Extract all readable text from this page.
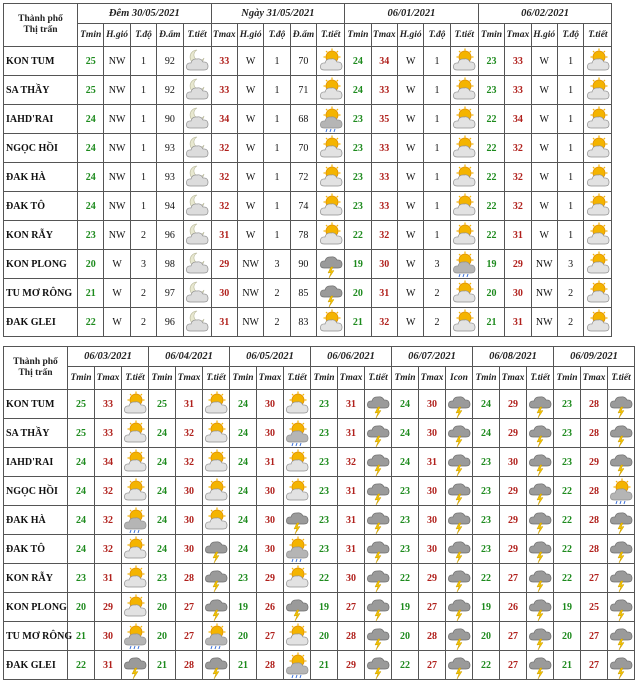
Thành phố
Thị trấn	Đêm 30/05/2021					Ngày 31/05/2021					06/01/2021					06/02/2021				
	Tmin	H.gió	T.độ	Đ.ẩm	T.tiết	Tmax	H.gió	T.độ	Đ.ẩm	T.tiết	Tmin	Tmax	H.gió	T.độ	T.tiết	Tmin	Tmax	H.gió	T.độ	T.tiết
KON TUM	25	NW	1	92		33	W	1	70		24	34	W	1		23	33	W	1	

SA THẦY	25	NW	1	92		33	W	1	71		24	33	W	1		23	33	W	1	

IAHD'RAI	24	NW	1	90		34	W	1	68		23	35	W	1		22	34	W	1	

NGỌC HỒI	24	NW	1	93		32	W	1	70		23	33	W	1		22	32	W	1	

ĐAK HÀ	24	NW	1	93		32	W	1	72		23	33	W	1		22	32	W	1	

ĐAK TÔ	24	NW	1	94		32	W	1	74		23	33	W	1		22	32	W	1	

KON RẪY	23	NW	2	96		31	W	1	78		22	32	W	1		22	31	W	1	

KON PLONG	20	W	3	98		29	NW	3	90		19	30	W	3		19	29	NW	3	

TU MƠ RÔNG	21	W	2	97		30	NW	2	85		20	31	W	2		20	30	NW	2	

ĐAK GLEI	22	W	2	96		31	NW	2	83		21	32	W	2		21	31	NW	2	
Thành phố
Thị trấn	06/03/2021			06/04/2021			06/05/2021			06/06/2021			06/07/2021			06/08/2021			06/09/2021		
	Tmin	Tmax	T.tiết	Tmin	Tmax	T.tiết	Tmin	Tmax	T.tiết	Tmin	Tmax	T.tiết	Tmin	Tmax	Icon	Tmin	Tmax	T.tiết	Tmin	Tmax	T.tiết
KON TUM	25	33		25	31		24	30		23	31		24	30		24	29		23	28	

SA THẦY	25	33		24	32		24	30		23	31		24	30		24	29		23	28	

IAHD'RAI	24	34		24	32		24	31		23	32		24	31		23	30		23	29	

NGỌC HỒI	24	32		24	30		24	30		23	31		23	30		23	29		22	28	

ĐAK HÀ	24	32		24	30		24	30		23	31		23	30		23	29		22	28	

ĐAK TÔ	24	32		24	30		24	30		23	31		23	30		23	29		22	28	

KON RẪY	23	31		23	28		23	29		22	30		22	29		22	27		22	27	

KON PLONG	20	29		20	27		19	26		19	27		19	27		19	26		19	25	

TU MƠ RÔNG	21	30		20	27		20	27		20	28		20	28		20	27		20	27	

ĐAK GLEI	22	31		21	28		21	28		21	29		22	27		22	27		21	27	
